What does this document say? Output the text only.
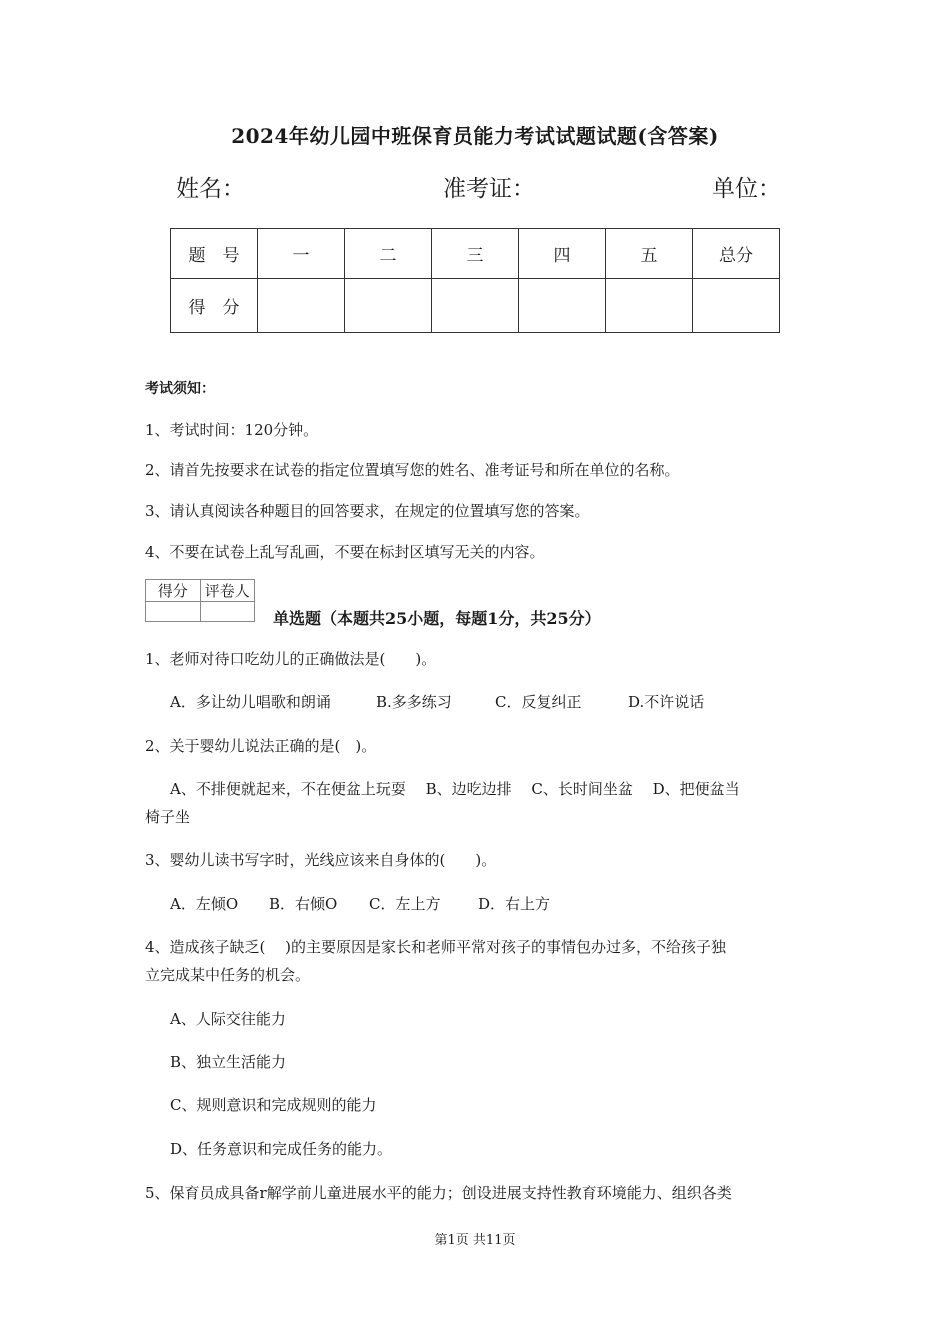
2024年幼儿园中班保育员能力考试试题试题(含答案)
姓名：	准考证：	单位：
题　号	一	二	三	四	五	总分
得　分						
考试须知：
1、考试时间：120分钟。
2、请首先按要求在试卷的指定位置填写您的姓名、准考证号和所在单位的名称。
3、请认真阅读各种题目的回答要求，在规定的位置填写您的答案。
4、不要在试卷上乱写乱画，不要在标封区填写无关的内容。
得分	评卷人

单选题（本题共25小题，每题1分，共25分）
1、老师对待口吃幼儿的正确做法是(　　)。
A．多让幼儿唱歌和朗诵	B.多多练习	C．反复纠正	D.不许说话
2、关于婴幼儿说法正确的是(　)。
A、不排便就起来，不在便盆上玩耍　 B、边吃边排　 C、长时间坐盆　 D、把便盆当
椅子坐
3、婴幼儿读书写字时，光线应该来自身体的(　　)。
A．左倾O B．右倾O C．左上方	D．右上方
4、造成孩子缺乏(　 )的主要原因是家长和老师平常对孩子的事情包办过多，不给孩子独
立完成某中任务的机会。
A、人际交往能力
B、独立生活能力
C、规则意识和完成规则的能力
D、任务意识和完成任务的能力。
5、保育员成具备r解学前儿童进展水平的能力；创设进展支持性教育环境能力、组织各类
第1页 共11页
